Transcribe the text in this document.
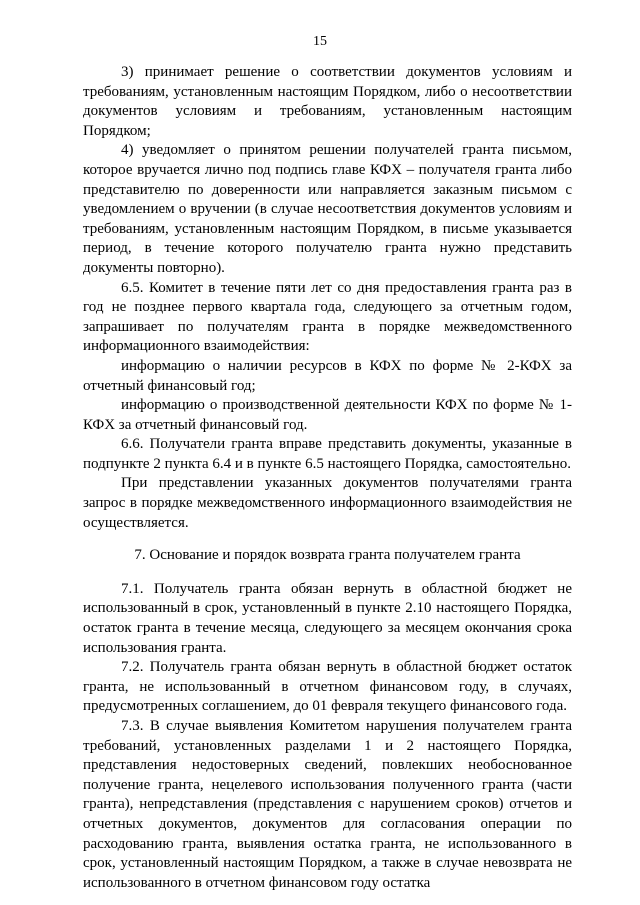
15

3) принимает решение о соответствии документов условиям и требованиям, установленным настоящим Порядком, либо о несоответствии документов условиям и требованиям, установленным настоящим Порядком;

4) уведомляет о принятом решении получателей гранта письмом, которое вручается лично под подпись главе КФХ – получателя гранта либо представителю по доверенности или направляется заказным письмом с уведомлением о вручении (в случае несоответствия документов условиям и требованиям, установленным настоящим Порядком, в письме указывается период, в течение которого получателю гранта нужно представить документы повторно).

6.5. Комитет в течение пяти лет со дня предоставления гранта раз в год не позднее первого квартала года, следующего за отчетным годом, запрашивает по получателям гранта в порядке межведомственного информационного взаимодействия:

информацию о наличии ресурсов в КФХ по форме № 2-КФХ за отчетный финансовый год;

информацию о производственной деятельности КФХ по форме № 1-КФХ за отчетный финансовый год.

6.6. Получатели гранта вправе представить документы, указанные в подпункте 2 пункта 6.4 и в пункте 6.5 настоящего Порядка, самостоятельно.

При представлении указанных документов получателями гранта запрос в порядке межведомственного информационного взаимодействия не осуществляется.

7. Основание и порядок возврата гранта получателем гранта

7.1. Получатель гранта обязан вернуть в областной бюджет не использованный в срок, установленный в пункте 2.10 настоящего Порядка, остаток гранта в течение месяца, следующего за месяцем окончания срока использования гранта.

7.2. Получатель гранта обязан вернуть в областной бюджет остаток гранта, не использованный в отчетном финансовом году, в случаях, предусмотренных соглашением, до 01 февраля текущего финансового года.

7.3. В случае выявления Комитетом нарушения получателем гранта требований, установленных разделами 1 и 2 настоящего Порядка, представления недостоверных сведений, повлекших необоснованное получение гранта, нецелевого использования полученного гранта (части гранта), непредставления (представления с нарушением сроков) отчетов и отчетных документов, документов для согласования операции по расходованию гранта, выявления остатка гранта, не использованного в срок, установленный настоящим Порядком, а также в случае невозврата не использованного в отчетном финансовом году остатка
